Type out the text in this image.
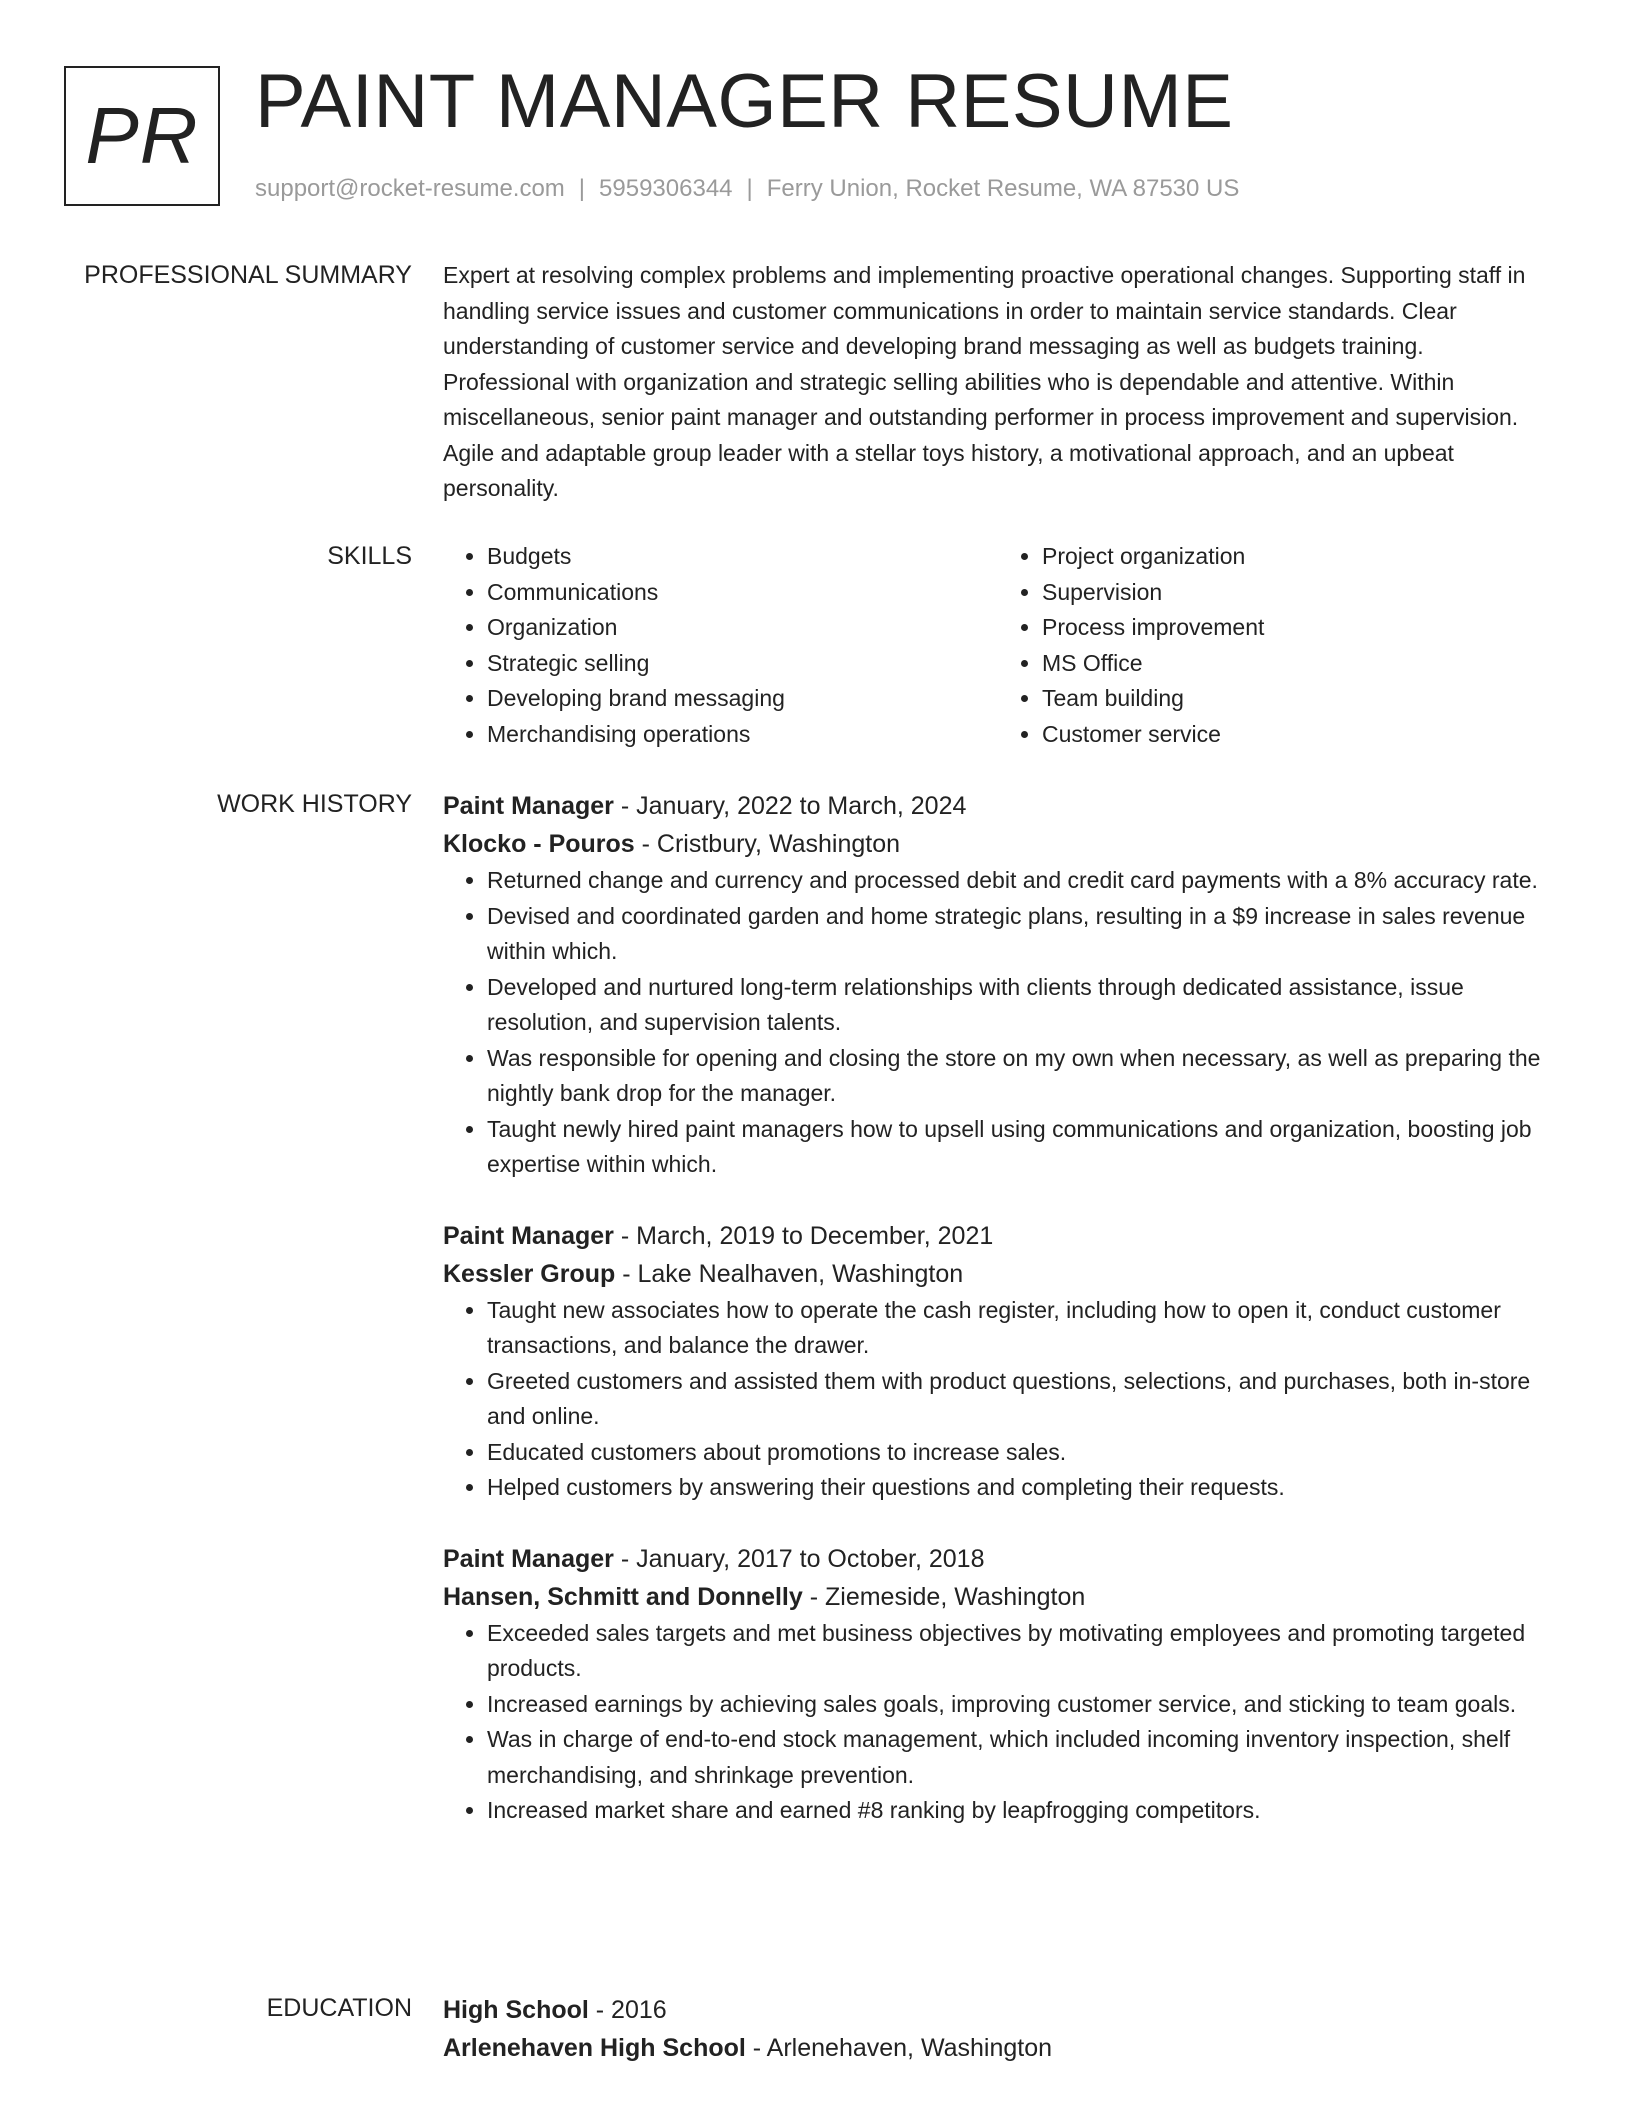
PR PAINT MANAGER RESUME
support@rocket-resume.com | 5959306344 | Ferry Union, Rocket Resume, WA 87530 US
PROFESSIONAL SUMMARY Expert at resolving complex problems and implementing proactive operational changes. Supporting staff in handling service issues and customer communications in order to maintain service standards. Clear understanding of customer service and developing brand messaging as well as budgets training. Professional with organization and strategic selling abilities who is dependable and attentive. Within miscellaneous, senior paint manager and outstanding performer in process improvement and supervision. Agile and adaptable group leader with a stellar toys history, a motivational approach, and an upbeat personality.

SKILLS
•	Budgets
• Communications
• Organization
• Strategic selling
• Developing brand messaging
• Merchandising operations
• Project organization
• Supervision
• Process improvement
• MS Office
• Team building
• Customer service
WORK HISTORY Paint Manager - January, 2022 to March, 2024
Klocko - Pouros - Cristbury, Washington
• Returned change and currency and processed debit and credit card payments with a 8% accuracy rate.
• Devised and coordinated garden and home strategic plans, resulting in a $9 increase in sales revenue within which.
• Developed and nurtured long-term relationships with clients through dedicated assistance, issue resolution, and supervision talents.
• Was responsible for opening and closing the store on my own when necessary, as well as preparing the nightly bank drop for the manager.
• Taught newly hired paint managers how to upsell using communications and organization, boosting job expertise within which.
Paint Manager - March, 2019 to December, 2021
Kessler Group - Lake Nealhaven, Washington
• Taught new associates how to operate the cash register, including how to open it, conduct customer transactions, and balance the drawer.
• Greeted customers and assisted them with product questions, selections, and purchases, both in-store and online.
• Educated customers about promotions to increase sales.
• Helped customers by answering their questions and completing their requests.
Paint Manager - January, 2017 to October, 2018
Hansen, Schmitt and Donnelly - Ziemeside, Washington
• Exceeded sales targets and met business objectives by motivating employees and promoting targeted products.
• Increased earnings by achieving sales goals, improving customer service, and sticking to team goals.
• Was in charge of end-to-end stock management, which included incoming inventory inspection, shelf merchandising, and shrinkage prevention.
• Increased market share and earned #8 ranking by leapfrogging competitors.
EDUCATION High School - 2016
Arlenehaven High School - Arlenehaven, Washington
